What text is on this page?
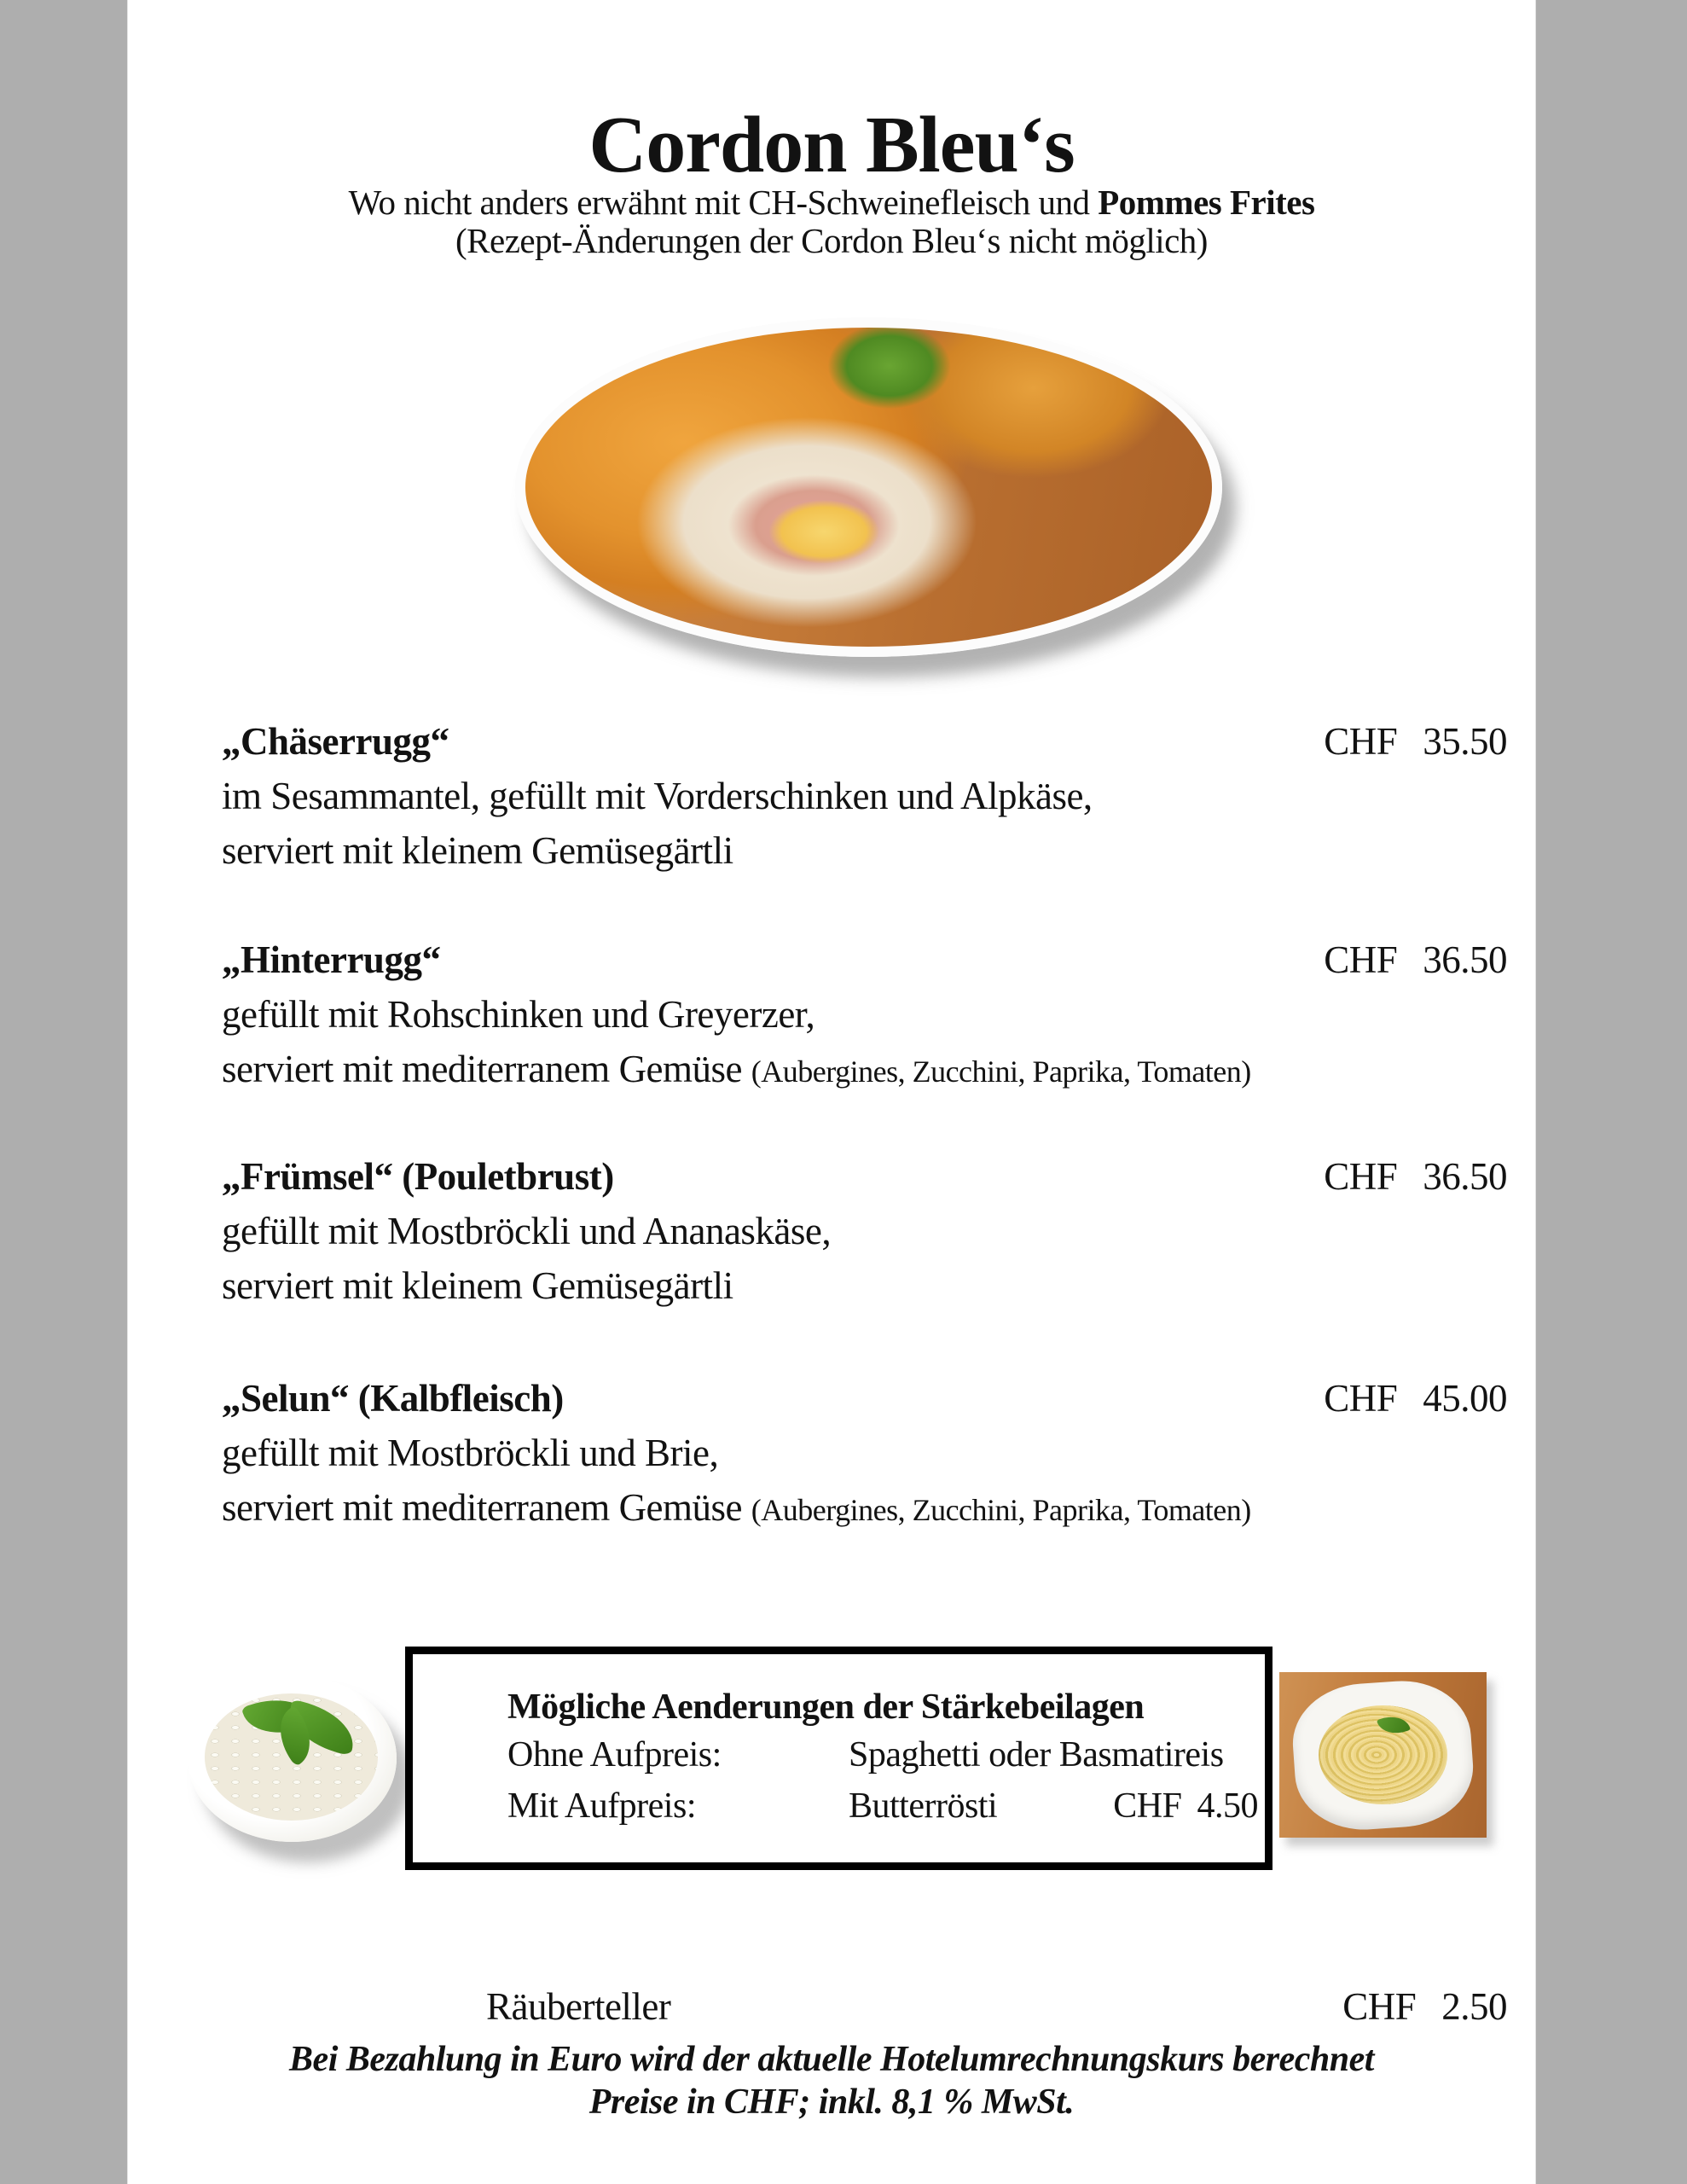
Cordon Bleu‘s
Wo nicht anders erwähnt mit CH-Schweinefleisch und Pommes Frites
(Rezept-Änderungen der Cordon Bleu‘s nicht möglich)
„Chäserrugg“	CHF 35.50
im Sesammantel, gefüllt mit Vorderschinken und Alpkäse,
serviert mit kleinem Gemüsegärtli
„Hinterrugg“	CHF 36.50
gefüllt mit Rohschinken und Greyerzer,
serviert mit mediterranem Gemüse (Aubergines, Zucchini, Paprika, Tomaten)
„Frümsel“ (Pouletbrust)	CHF 36.50
gefüllt mit Mostbröckli und Ananaskäse,
serviert mit kleinem Gemüsegärtli
„Selun“ (Kalbfleisch)	CHF 45.00
gefüllt mit Mostbröckli und Brie,
serviert mit mediterranem Gemüse (Aubergines, Zucchini, Paprika, Tomaten)
Mögliche Aenderungen der Stärkebeilagen
Ohne Aufpreis:	Spaghetti oder Basmatireis
Mit Aufpreis:	Butterrösti	CHF 4.50
Räuberteller	CHF 2.50
Bei Bezahlung in Euro wird der aktuelle Hotelumrechnungskurs berechnet
Preise in CHF; inkl. 8,1 % MwSt.
